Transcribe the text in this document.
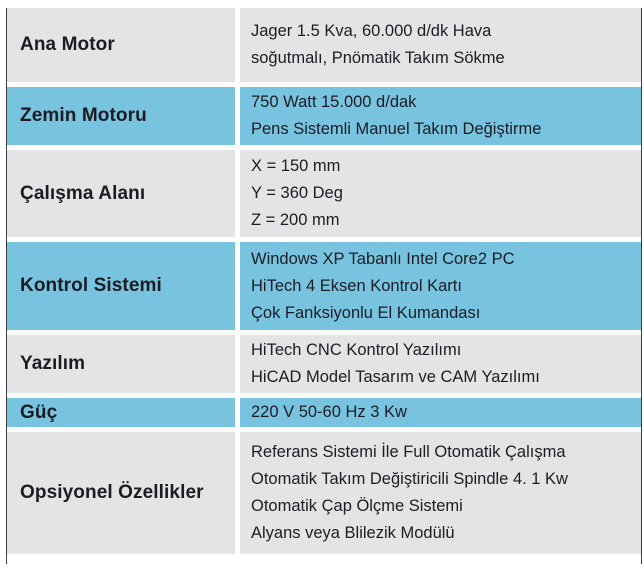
Ana Motor
Jager 1.5 Kva, 60.000 d/dk Hava
soğutmalı, Pnömatik Takım Sökme
Zemin Motoru
750 Watt 15.000 d/dak
Pens Sistemli Manuel Takım Değiştirme
Çalışma Alanı
X = 150 mm
Y = 360 Deg
Z = 200 mm
Kontrol Sistemi
Windows XP Tabanlı Intel Core2 PC
HiTech 4 Eksen Kontrol Kartı
Çok Fanksiyonlu El Kumandası
Yazılım
HiTech CNC Kontrol Yazılımı
HiCAD Model Tasarım ve CAM Yazılımı
Güç	220 V 50-60 Hz 3 Kw
Opsiyonel Özellikler
Referans Sistemi İle Full Otomatik Çalışma
Otomatik Takım Değiştiricili Spindle 4. 1 Kw
Otomatik Çap Ölçme Sistemi
Alyans veya Blilezik Modülü
